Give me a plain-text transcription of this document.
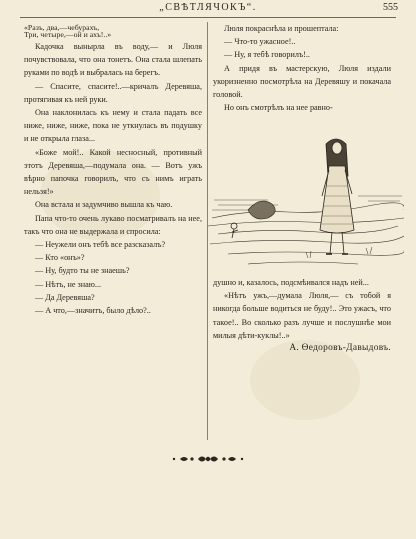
„СВѢТЛЯЧОКЪ“.	555

«Разъ, два,—чебурахъ,

Три, четыре,—ой и ахъ!..»

Кадочка вынырла въ воду,— и Люля почувствовала, что она тонетъ. Она стала шлепать руками по водѣ и выбралась на берегъ.

— Спасите, спасите!..—кричалъ Деревяша, протягивая къ ней руки.

Она наклонилась къ нему и стала падать все ниже, ниже, ниже, пока не уткнулась въ подушку и не открыла глаза...

«Боже мой!.. Какой несносный, противный этотъ Деревяша,—подумала она. — Вотъ ужъ вѣрно папочка говорилъ, что съ нимъ играть нельзя!»

Она встала и задумчиво вышла къ чаю.

Папа что-то очень лукаво посматривалъ на нее, такъ что она не выдержала и спросила:

— Неужели онъ тебѣ все разсказалъ?

— Кто «онъ»?

— Ну, будто ты не знаешь?

— Нѣтъ, не знаю...

— Да Деревяша?

— А что,—значитъ, было дѣло?..

Люля покраснѣла и прошептала:

— Что-то ужасное!..

— Ну, я тебѣ говорилъ!..

А придя въ мастерскую, Люля издали укоризненно посмотрѣла на Деревяшу и покачала головой.

Но онъ смотрѣлъ на нее равно-

душно и, казалось, подсмѣивался надъ ней...

«Нѣтъ ужъ,—думала Люля,— съ тобой я никогда больше водиться не буду!.. Это ужасъ, что такое!.. Во сколько разъ лучше и послушнѣе мои милыя дѣти-куклы!..»

А. Ѳедоровъ-Давыдовъ.
